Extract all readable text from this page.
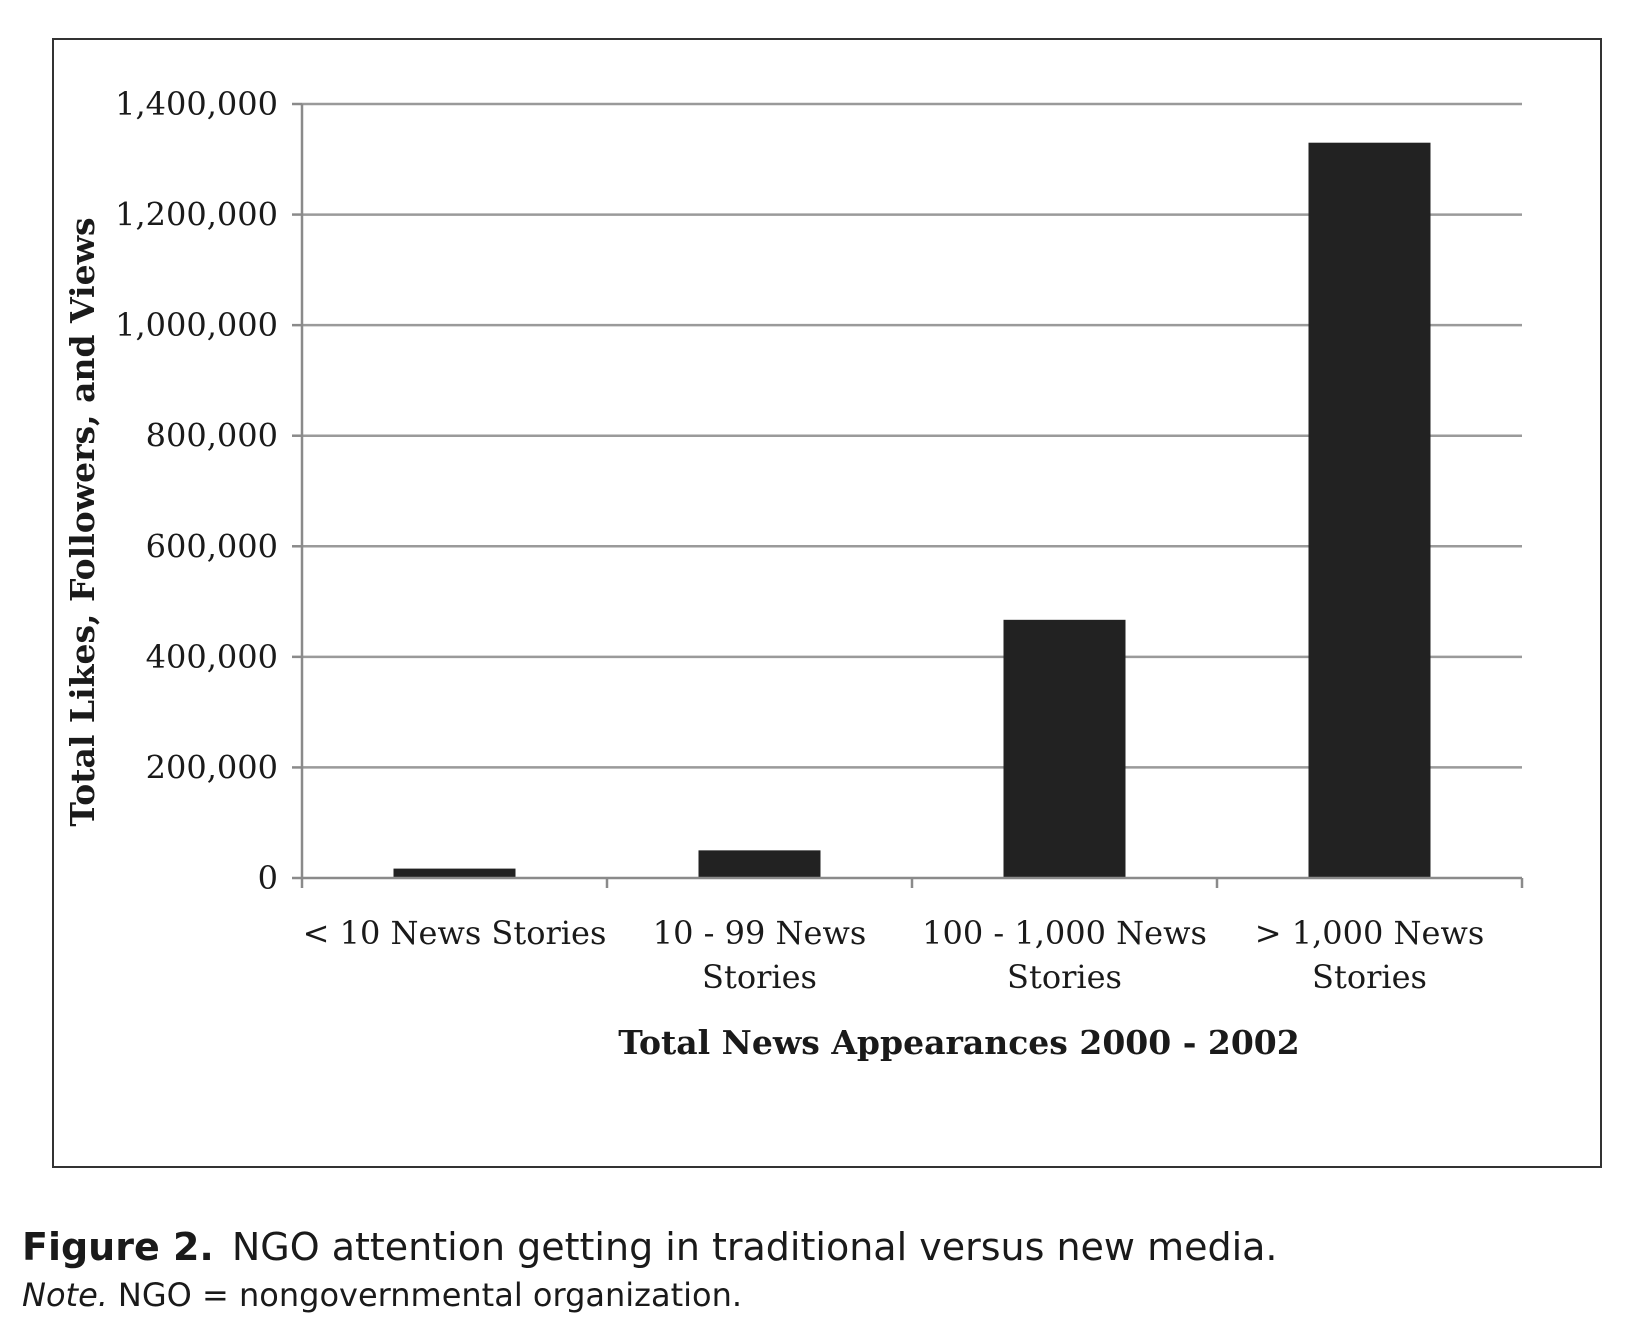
0
200,000
400,000
600,000
800,000
1,000,000
1,200,000
1,400,000
< 10 News Stories 10 - 99 News Stories
100 - 1,000 News Stories
> 1,000 News Stories
Total Likes, Followers, and Views
Total News Appearances 2000 - 2002
Figure 2. NGO attention getting in traditional versus new media.
Note. NGO = nongovernmental organization.
